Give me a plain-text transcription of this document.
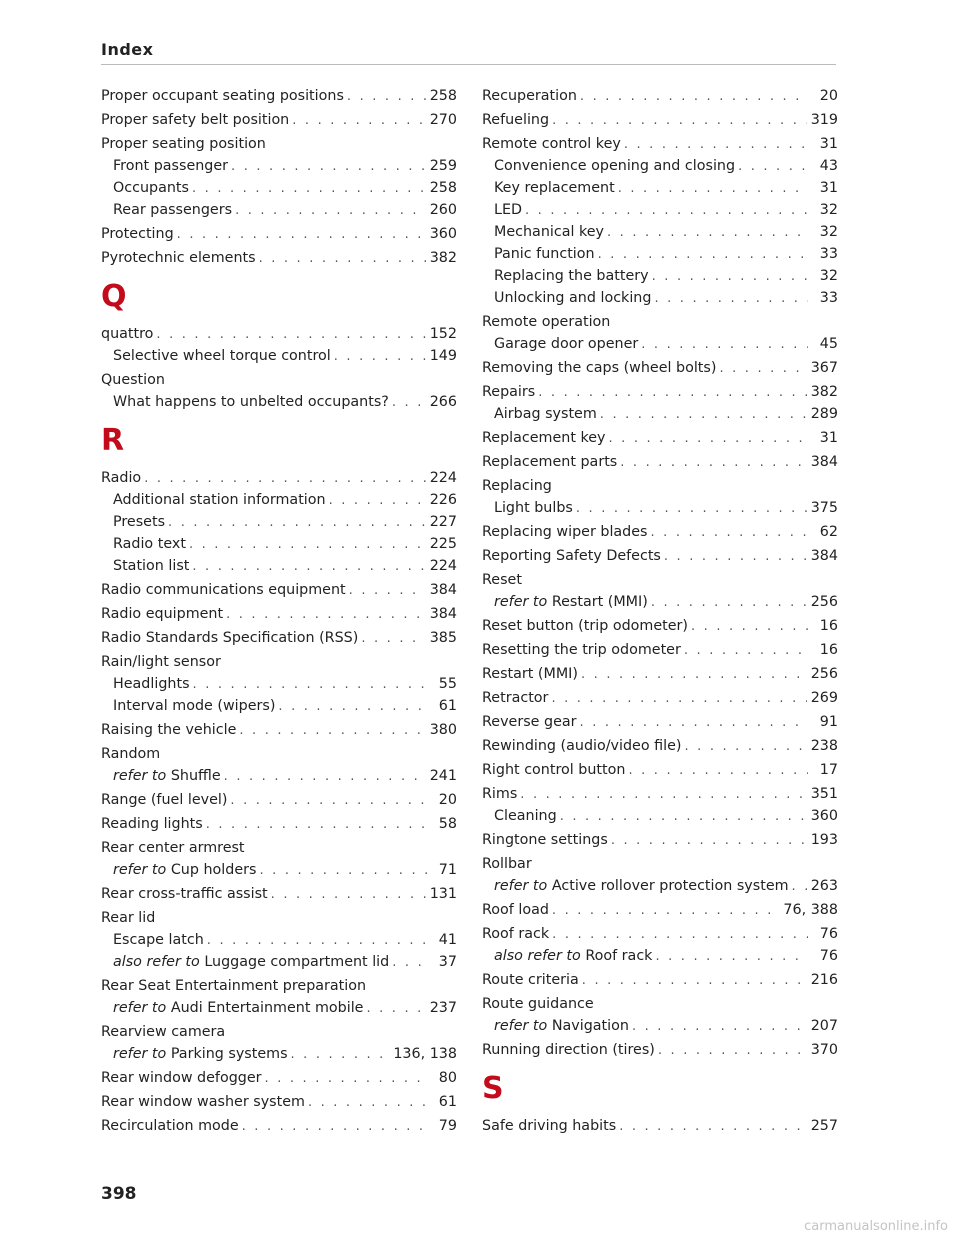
Index
Proper occupant seating positions . . .	258
Proper safety belt position . . .	270
Proper seating position
Front passenger . . .	259
Occupants . . .	258
Rear passengers . . .	260
Protecting . . .	360
Pyrotechnic elements . . .	382
Q
quattro . . .	152
Selective wheel torque control . . .	149
Question
What happens to unbelted occupants? . . .	266
R
Radio . . .	224
Additional station information . . .	226
Presets . . .	227
Radio text . . .	225
Station list . . .	224
Radio communications equipment . . .	384
Radio equipment . . .	384
Radio Standards Specification (RSS) . . .	385
Rain/light sensor
Headlights . . .	55
Interval mode (wipers) . . .	61
Raising the vehicle . . .	380
Random
refer to Shuffle . . .	241
Range (fuel level) . . .	20
Reading lights . . .	58
Rear center armrest
refer to Cup holders . . .	71
Rear cross-traffic assist . . .	131
Rear lid
Escape latch . . .	41
also refer to Luggage compartment lid . . .	37
Rear Seat Entertainment preparation
refer to Audi Entertainment mobile . . .	237
Rearview camera
refer to Parking systems . . .	136, 138
Rear window defogger . . .	80
Rear window washer system . . .	61
Recirculation mode . . .	79
Recuperation . . .	20
Refueling . . .	319
Remote control key . . .	31
Convenience opening and closing . . .	43
Key replacement . . .	31
LED . . .	32
Mechanical key . . .	32
Panic function . . .	33
Replacing the battery . . .	32
Unlocking and locking . . .	33
Remote operation
Garage door opener . . .	45
Removing the caps (wheel bolts) . . .	367
Repairs . . .	382
Airbag system . . .	289
Replacement key . . .	31
Replacement parts . . .	384
Replacing
Light bulbs . . .	375
Replacing wiper blades . . .	62
Reporting Safety Defects . . .	384
Reset
refer to Restart (MMI) . . .	256
Reset button (trip odometer) . . .	16
Resetting the trip odometer . . .	16
Restart (MMI) . . .	256
Retractor . . .	269
Reverse gear . . .	91
Rewinding (audio/video file) . . .	238
Right control button . . .	17
Rims . . .	351
Cleaning . . .	360
Ringtone settings . . .	193
Rollbar
refer to Active rollover protection system . . . 263
Roof load . . .	76, 388
Roof rack . . .	76
also refer to Roof rack . . .	76
Route criteria . . .	216
Route guidance
refer to Navigation . . .	207
Running direction (tires) . . .	370
S
Safe driving habits . . .	257
398
carmanualsonline.info
